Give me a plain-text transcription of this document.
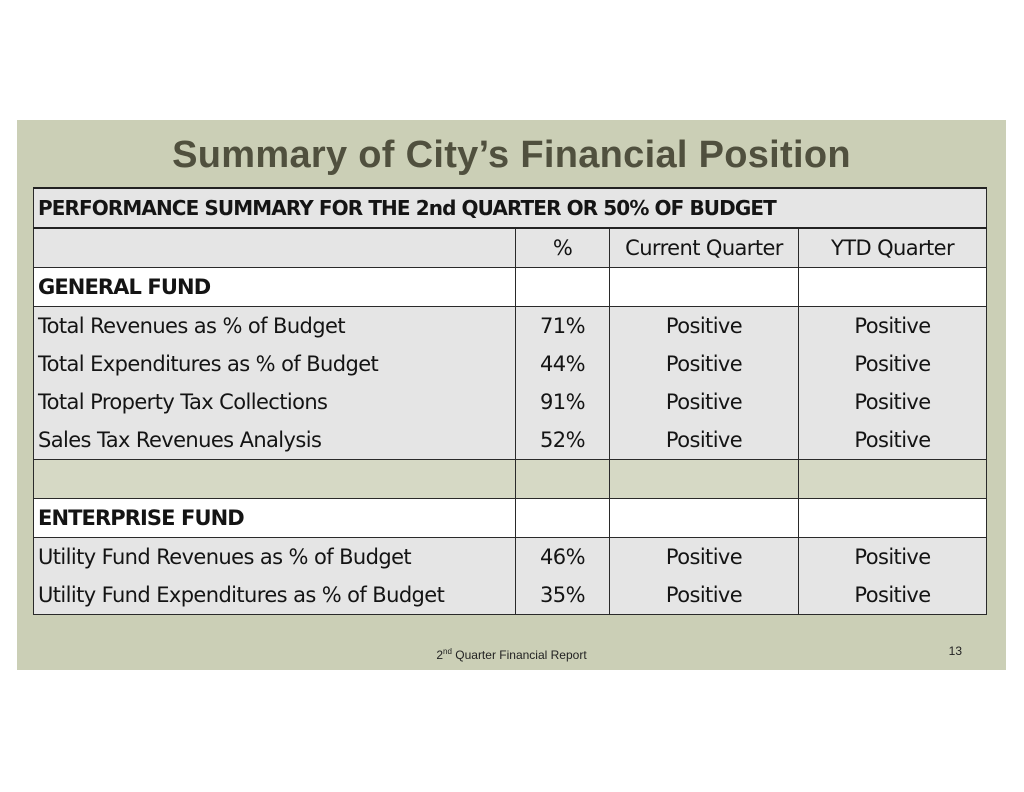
Summary of City’s Financial Position
PERFORMANCE SUMMARY FOR THE 2nd QUARTER OR 50% OF BUDGET			
	%	Current Quarter	YTD Quarter
GENERAL FUND			
Total Revenues as % of Budget	71%	Positive	Positive
Total Expenditures as % of Budget	44%	Positive	Positive
Total Property Tax Collections	91%	Positive	Positive
Sales Tax Revenues Analysis	52%	Positive	Positive

ENTERPRISE FUND			
Utility Fund Revenues as % of Budget	46%	Positive	Positive
Utility Fund Expenditures as % of Budget	35%	Positive	Positive
2nd Quarter Financial Report	13
